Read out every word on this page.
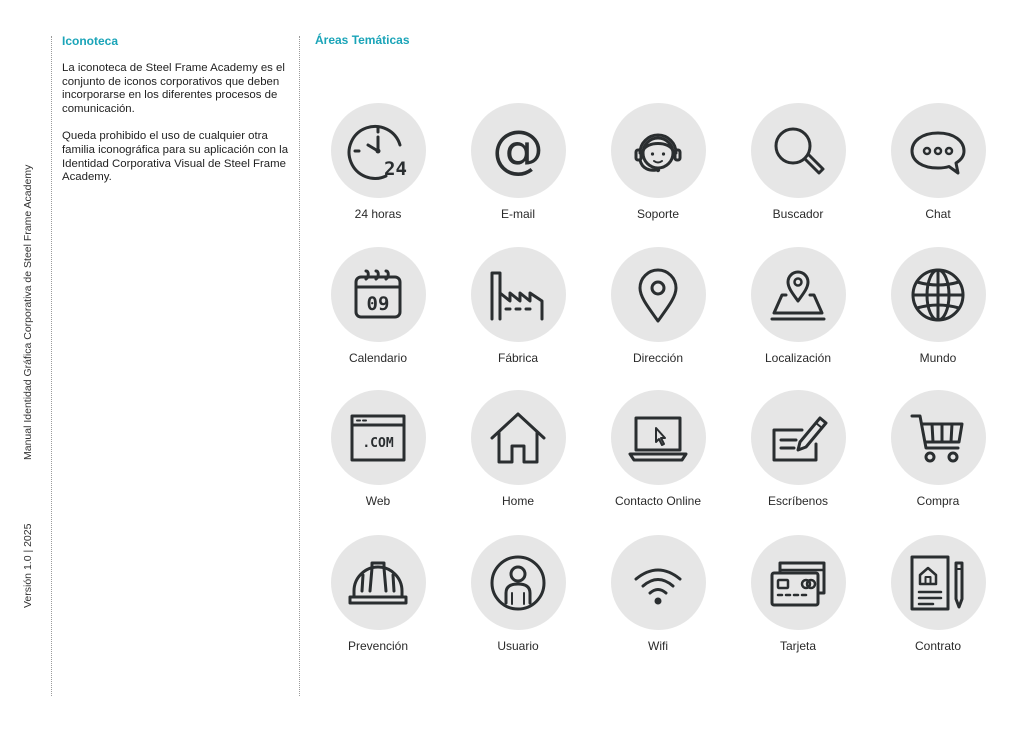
Manual Identidad Gráfica Corporativa de Steel Frame Academy
Versión 1.0 | 2025
Iconoteca

La iconoteca de Steel Frame Academy es el conjunto de iconos corporativos que deben incorporarse en los diferentes procesos de comunicación.

Queda prohibido el uso de cualquier otra familia iconográfica para su aplicación con la Identidad Corporativa Visual de Steel Frame Academy.

Áreas Temáticas
24
24 horas
@
E-mail	Soporte	Buscador	Chat
09
Calendario	Fábrica	Dirección	Localización	Mundo
.COM
Web	Home	Contacto Online	Escríbenos	Compra
Prevención	Usuario	Wifi	Tarjeta	Contrato
